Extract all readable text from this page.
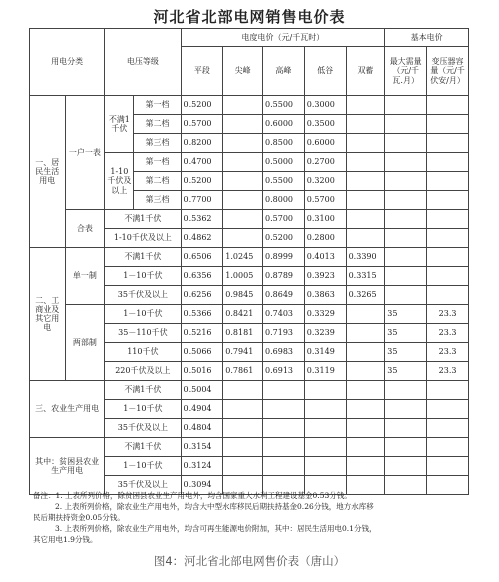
河北省北部电网销售电价表
用电分类		电压等级		电度电价（元/千瓦时）					基本电价	
				平段	尖峰	高峰	低谷	双蓄	最大需量（元/千瓦.月）	变压器容量（元/千伏安/月）
一、居民生活用电	一户一表	不满1千伏	第一档	0.5200		0.5500	0.3000			
			第二档	0.5700		0.6000	0.3500			
			第三档	0.8200		0.8500	0.6000			
		1-10千伏及以上	第一档	0.4700		0.5000	0.2700			
			第二档	0.5200		0.5500	0.3200			
			第三档	0.7700		0.8000	0.5700			
	合表	不满1千伏		0.5362		0.5700	0.3100			
		1-10千伏及以上		0.4862		0.5200	0.2800			
二、工商业及其它用电	单一制	不满1千伏		0.6506	1.0245	0.8999	0.4013	0.3390		
		1－10千伏		0.6356	1.0005	0.8789	0.3923	0.3315		
		35千伏及以上		0.6256	0.9845	0.8649	0.3863	0.3265		
	两部制	1－10千伏		0.5366	0.8421	0.7403	0.3329		35	23.3
		35－110千伏		0.5216	0.8181	0.7193	0.3239		35	23.3
		110千伏		0.5066	0.7941	0.6983	0.3149		35	23.3
		220千伏及以上		0.5016	0.7861	0.6913	0.3119		35	23.3
三、农业生产用电		不满1千伏		0.5004						
		1－10千伏		0.4904						
		35千伏及以上		0.4804						
其中：贫困县农业生产用电		不满1千伏		0.3154						
		1－10千伏		0.3124						
		35千伏及以上		0.3094						
备注：1. 上表所列价格，除贫困县农业生产用电外，均含国家重大水利工程建设基金0.53分钱。
2. 上表所列价格，除农业生产用电外，均含大中型水库移民后期扶持基金0.26分钱，地方水库移
民后期扶持资金0.05分钱。
3. 上表所列价格，除农业生产用电外，均含可再生能源电价附加，其中：居民生活用电0.1分钱，
其它用电1.9分钱。
图4：河北省北部电网售价表（唐山）
